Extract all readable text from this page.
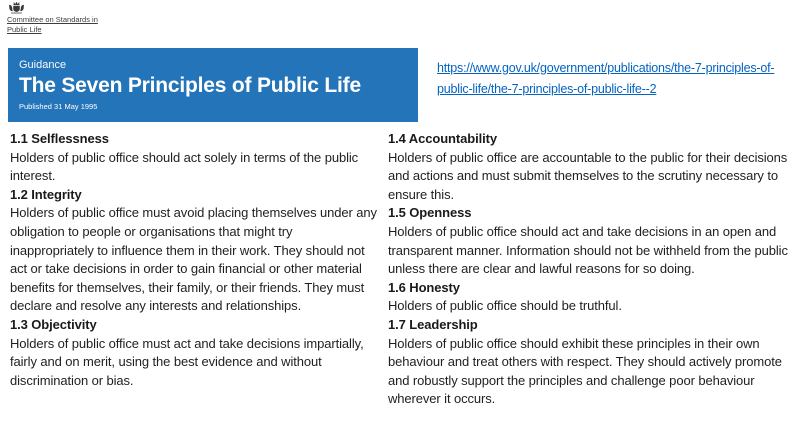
Committee on Standards in Public Life
Guidance
The Seven Principles of Public Life
Published 31 May 1995
https://www.gov.uk/government/publications/the-7-principles-of-public-life/the-7-principles-of-public-life--2
1.1 Selflessness

Holders of public office should act solely in terms of the public interest.

1.2 Integrity

Holders of public office must avoid placing themselves under any obligation to people or organisations that might try inappropriately to influence them in their work. They should not act or take decisions in order to gain financial or other material benefits for themselves, their family, or their friends. They must declare and resolve any interests and relationships.

1.3 Objectivity

Holders of public office must act and take decisions impartially, fairly and on merit, using the best evidence and without discrimination or bias.

1.4 Accountability

Holders of public office are accountable to the public for their decisions and actions and must submit themselves to the scrutiny necessary to ensure this.

1.5 Openness

Holders of public office should act and take decisions in an open and transparent manner. Information should not be withheld from the public unless there are clear and lawful reasons for so doing.

1.6 Honesty

Holders of public office should be truthful.

1.7 Leadership

Holders of public office should exhibit these principles in their own behaviour and treat others with respect. They should actively promote and robustly support the principles and challenge poor behaviour wherever it occurs.
